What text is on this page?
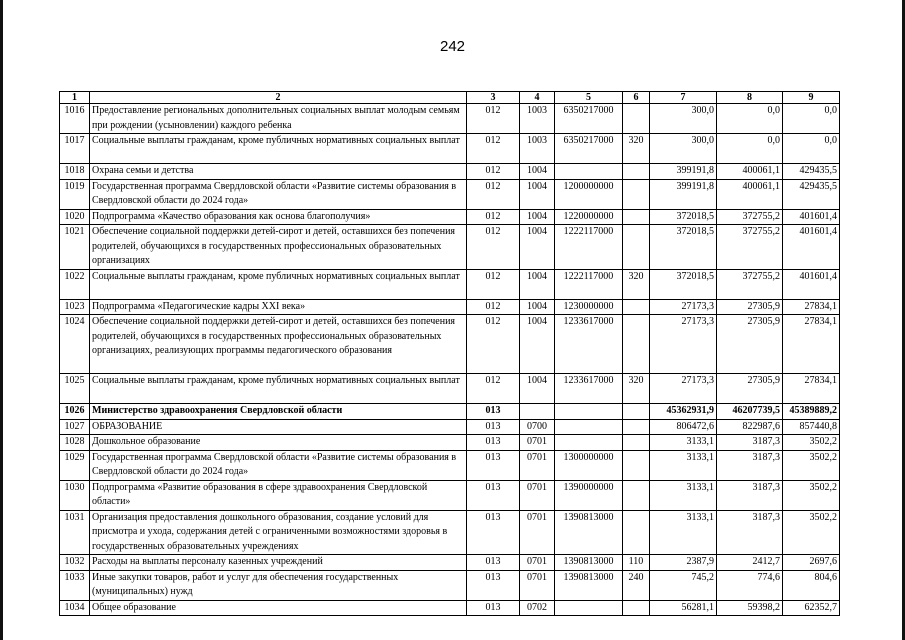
242
1	2	3	4	5	6	7	8	9
1016	Предоставление региональных дополнительных социальных выплат молодым семьям при рождении (усыновлении) каждого ребенка	012	1003	6350217000		300,0	0,0	0,0
1017	Социальные выплаты гражданам, кроме публичных нормативных социальных выплат	012	1003	6350217000	320	300,0	0,0	0,0
1018	Охрана семьи и детства	012	1004			399191,8	400061,1	429435,5
1019	Государственная программа Свердловской области «Развитие системы образования в Свердловской области до 2024 года»	012	1004	1200000000		399191,8	400061,1	429435,5
1020	Подпрограмма «Качество образования как основа благополучия»	012	1004	1220000000		372018,5	372755,2	401601,4
1021	Обеспечение социальной поддержки детей-сирот и детей, оставшихся без попечения родителей, обучающихся в государственных профессиональных образовательных организациях	012	1004	1222117000		372018,5	372755,2	401601,4
1022	Социальные выплаты гражданам, кроме публичных нормативных социальных выплат	012	1004	1222117000	320	372018,5	372755,2	401601,4
1023	Подпрограмма «Педагогические кадры XXI века»	012	1004	1230000000		27173,3	27305,9	27834,1
1024	Обеспечение социальной поддержки детей-сирот и детей, оставшихся без попечения родителей, обучающихся в государственных профессиональных образовательных организациях, реализующих программы педагогического образования	012	1004	1233617000		27173,3	27305,9	27834,1
1025	Социальные выплаты гражданам, кроме публичных нормативных социальных выплат	012	1004	1233617000	320	27173,3	27305,9	27834,1
1026	Министерство здравоохранения Свердловской области	013				45362931,9	46207739,5	45389889,2
1027	ОБРАЗОВАНИЕ	013	0700			806472,6	822987,6	857440,8
1028	Дошкольное образование	013	0701			3133,1	3187,3	3502,2
1029	Государственная программа Свердловской области «Развитие системы образования в Свердловской области до 2024 года»	013	0701	1300000000		3133,1	3187,3	3502,2
1030	Подпрограмма «Развитие образования в сфере здравоохранения Свердловской области»	013	0701	1390000000		3133,1	3187,3	3502,2
1031	Организация предоставления дошкольного образования, создание условий для присмотра и ухода, содержания детей с ограниченными возможностями здоровья в государственных образовательных учреждениях	013	0701	1390813000		3133,1	3187,3	3502,2
1032	Расходы на выплаты персоналу казенных учреждений	013	0701	1390813000	110	2387,9	2412,7	2697,6
1033	Иные закупки товаров, работ и услуг для обеспечения государственных (муниципальных) нужд	013	0701	1390813000	240	745,2	774,6	804,6
1034	Общее образование	013	0702			56281,1	59398,2	62352,7
